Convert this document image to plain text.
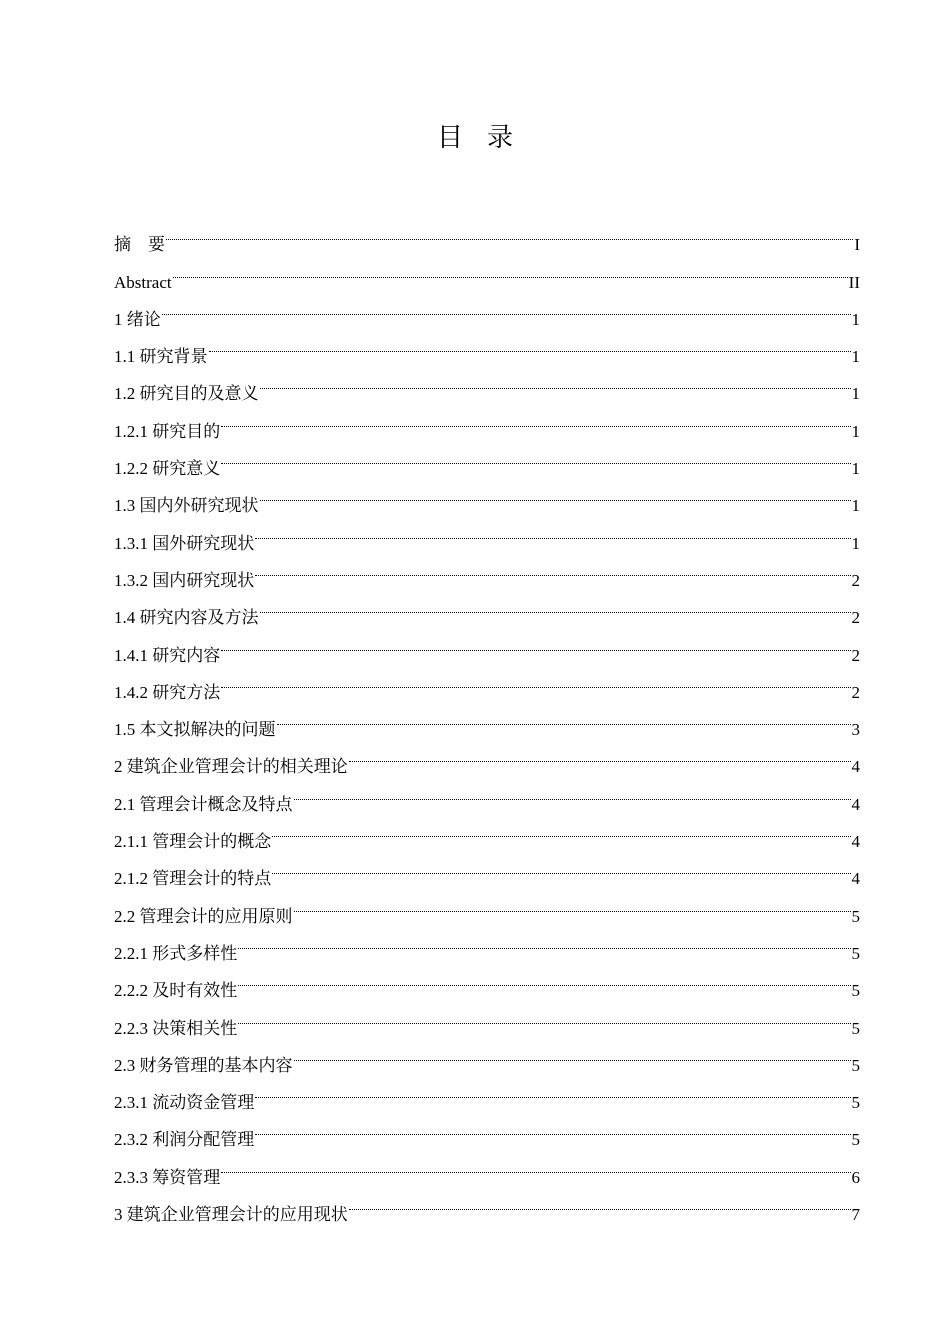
目 录
摘　要	I
Abstract	II
1 绪论	1
1.1 研究背景	1
1.2 研究目的及意义	1
1.2.1 研究目的	1
1.2.2 研究意义	1
1.3 国内外研究现状	1
1.3.1 国外研究现状	1
1.3.2 国内研究现状	2
1.4 研究内容及方法	2
1.4.1 研究内容	2
1.4.2 研究方法	2
1.5 本文拟解决的问题	3
2 建筑企业管理会计的相关理论	4
2.1 管理会计概念及特点	4
2.1.1 管理会计的概念	4
2.1.2 管理会计的特点	4
2.2 管理会计的应用原则	5
2.2.1 形式多样性	5
2.2.2 及时有效性	5
2.2.3 决策相关性	5
2.3 财务管理的基本内容	5
2.3.1 流动资金管理	5
2.3.2 利润分配管理	5
2.3.3 筹资管理	6
3 建筑企业管理会计的应用现状	7
